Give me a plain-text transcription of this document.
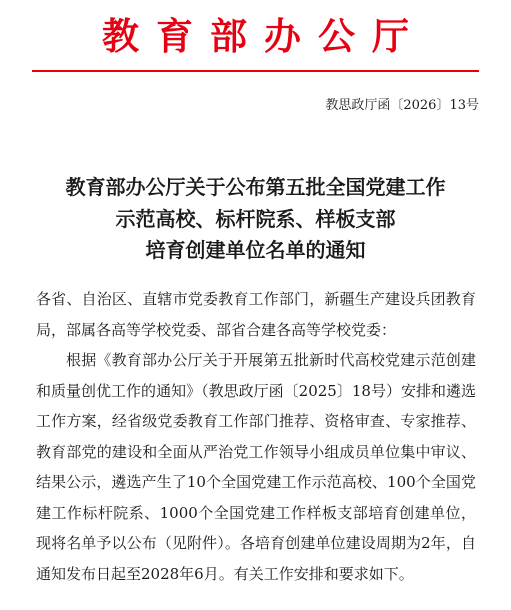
教育部办公厅
教思政厅函〔2026〕13号
教育部办公厅关于公布第五批全国党建工作
示范高校、标杆院系、样板支部
培育创建单位名单的通知

各省、自治区、直辖市党委教育工作部门，新疆生产建设兵团教育局，部属各高等学校党委、部省合建各高等学校党委：

根据《教育部办公厅关于开展第五批新时代高校党建示范创建和质量创优工作的通知》（教思政厅函〔2025〕18号）安排和遴选工作方案，经省级党委教育工作部门推荐、资格审查、专家推荐、教育部党的建设和全面从严治党工作领导小组成员单位集中审议、结果公示，遴选产生了10个全国党建工作示范高校、100个全国党建工作标杆院系、1000个全国党建工作样板支部培育创建单位，现将名单予以公布（见附件）。各培育创建单位建设周期为2年，自通知发布日起至2028年6月。有关工作安排和要求如下。
